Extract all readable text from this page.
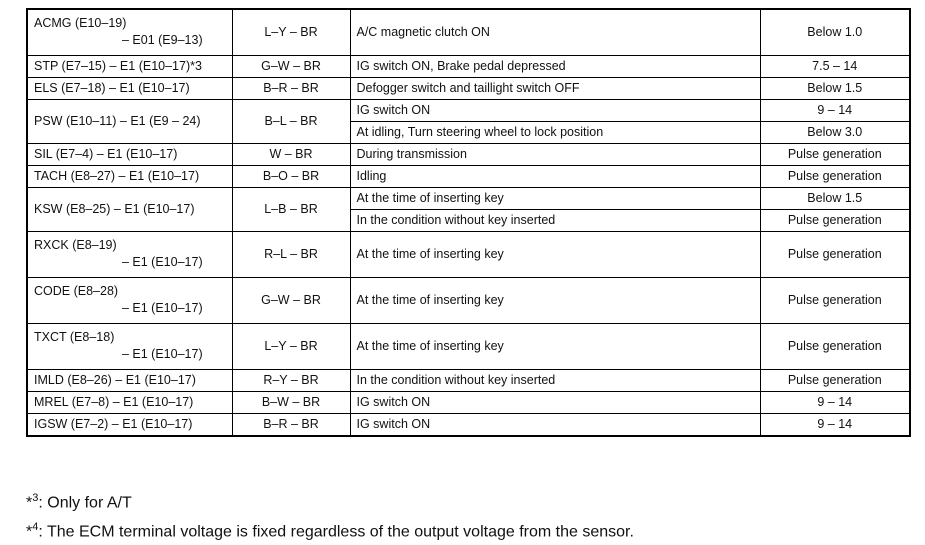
ACMG (E10–19)
– E01 (E9–13)	L–Y – BR	A/C magnetic clutch ON	Below 1.0

STP (E7–15) – E1 (E10–17)*3	G–W – BR	IG switch ON, Brake pedal depressed	7.5 – 14

ELS (E7–18) – E1 (E10–17)	B–R – BR	Defogger switch and taillight switch OFF	Below 1.5

PSW (E10–11) – E1 (E9 – 24)	B–L – BR	IG switch ON	9 – 14
		At idling, Turn steering wheel to lock position	Below 3.0

SIL (E7–4) – E1 (E10–17)	W – BR	During transmission	Pulse generation

TACH (E8–27) – E1 (E10–17)	B–O – BR	Idling	Pulse generation

KSW (E8–25) – E1 (E10–17)	L–B – BR	At the time of inserting key	Below 1.5
		In the condition without key inserted	Pulse generation

RXCK (E8–19)
– E1 (E10–17)	R–L – BR	At the time of inserting key	Pulse generation

CODE (E8–28)
– E1 (E10–17)	G–W – BR	At the time of inserting key	Pulse generation

TXCT (E8–18)
– E1 (E10–17)	L–Y – BR	At the time of inserting key	Pulse generation

IMLD (E8–26) – E1 (E10–17)	R–Y – BR	In the condition without key inserted	Pulse generation

MREL (E7–8) – E1 (E10–17)	B–W – BR	IG switch ON	9 – 14

IGSW (E7–2) – E1 (E10–17)	B–R – BR	IG switch ON	9 – 14
*$^3$: Only for A/T
*$^4$: The ECM terminal voltage is fixed regardless of the output voltage from the sensor.
